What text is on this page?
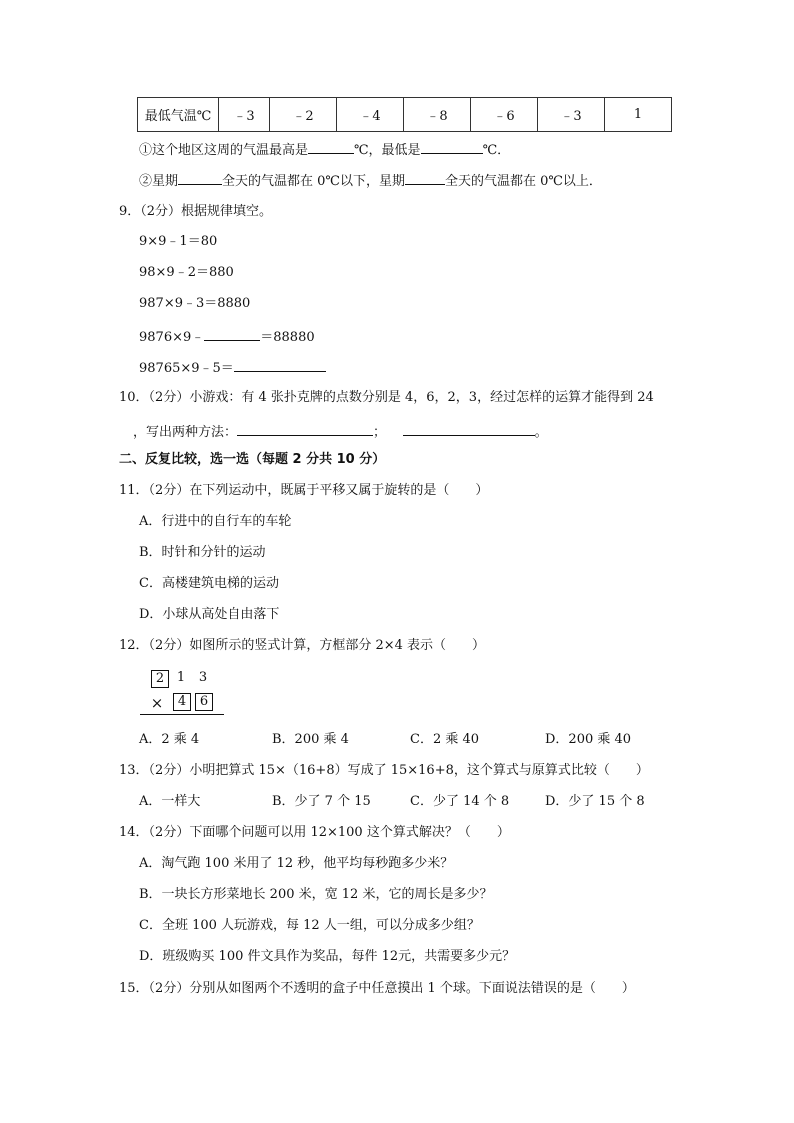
最低气温℃	﹣3	﹣2	﹣4	﹣8	﹣6	﹣3	1
①这个地区这周的气温最高是	℃，最低是	℃．
②星期	全天的气温都在 0℃以下，星期	全天的气温都在 0℃以上．
9．（2分）根据规律填空。
9×9﹣1＝80
98×9﹣2＝880
987×9﹣3＝8880
9876×9﹣	＝88880
98765×9﹣5＝
10．（2分）小游戏：有 4 张扑克牌的点数分别是 4，6，2，3，经过怎样的运算才能得到 24
，写出两种方法：	；	。
二、反复比较，选一选（每题 2 分共 10 分）
11．（2分）在下列运动中，既属于平移又属于旋转的是（　　）
A．行进中的自行车的车轮
B．时针和分针的运动
C．高楼建筑电梯的运动
D．小球从高处自由落下
12．（2分）如图所示的竖式计算，方框部分 2×4 表示（　　）
2 1 3
×	4	6
A．2 乘 4	B．200 乘 4	C．2 乘 40	D．200 乘 40
13．（2分）小明把算式 15×（16+8）写成了 15×16+8，这个算式与原算式比较（　　）
A．一样大	B．少了 7 个 15	C．少了 14 个 8	D．少了 15 个 8
14．（2分）下面哪个问题可以用 12×100 这个算式解决？（　　）
A．淘气跑 100 米用了 12 秒，他平均每秒跑多少米？
B．一块长方形菜地长 200 米，宽 12 米，它的周长是多少？
C．全班 100 人玩游戏，每 12 人一组，可以分成多少组？
D．班级购买 100 件文具作为奖品，每件 12元，共需要多少元？
15．（2分）分别从如图两个不透明的盒子中任意摸出 1 个球。下面说法错误的是（　　）
